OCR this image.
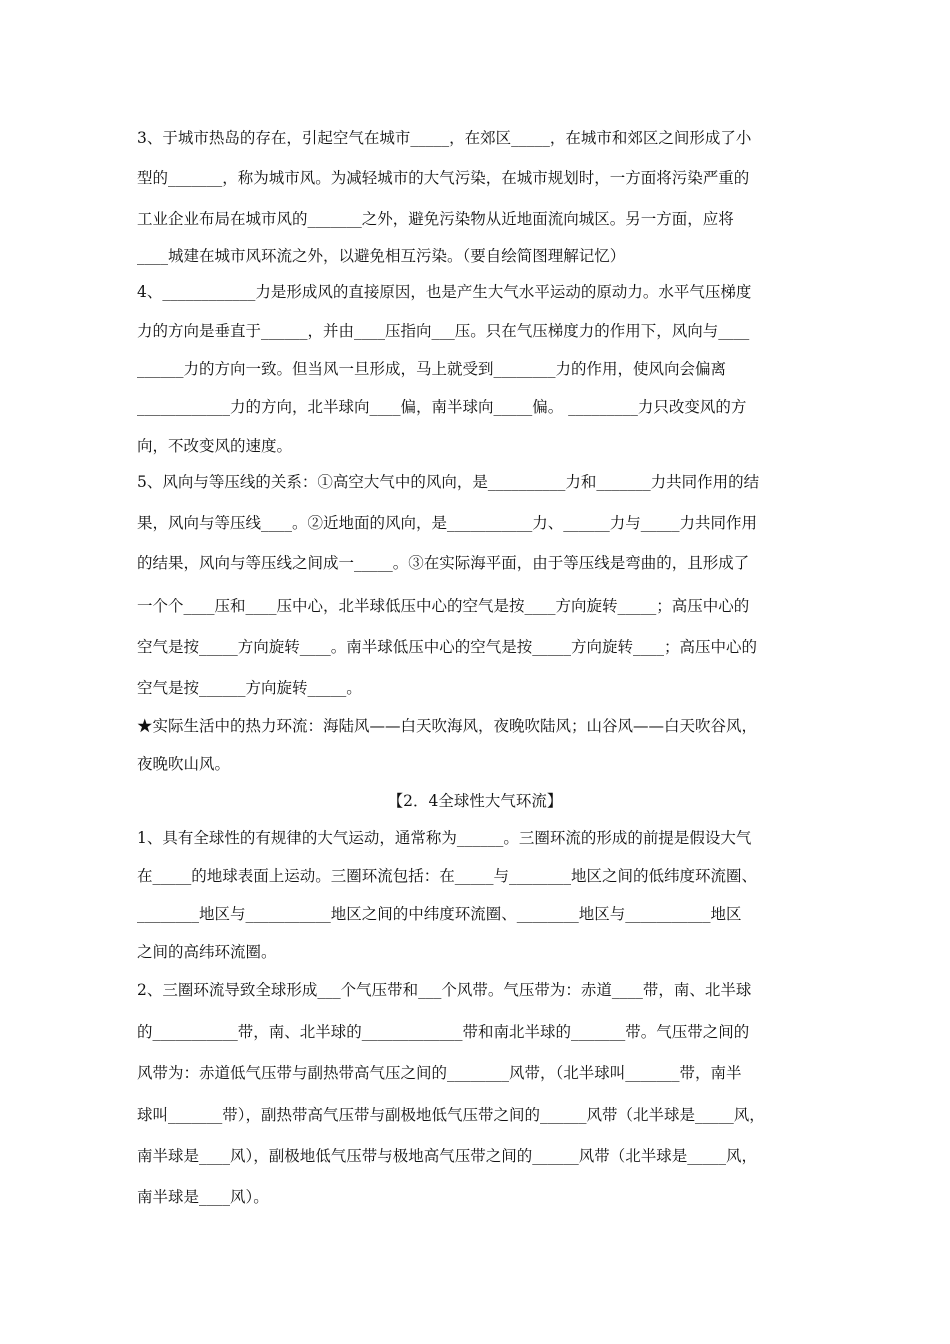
3、于城市热岛的存在，引起空气在城市_____，在郊区_____，在城市和郊区之间形成了小
型的_______，称为城市风。为减轻城市的大气污染，在城市规划时，一方面将污染严重的
工业企业布局在城市风的_______之外，避免污染物从近地面流向城区。另一方面，应将
____城建在城市风环流之外，以避免相互污染。（要自绘简图理解记忆）
4、____________力是形成风的直接原因，也是产生大气水平运动的原动力。水平气压梯度
力的方向是垂直于______，并由____压指向___压。只在气压梯度力的作用下，风向与____
______力的方向一致。但当风一旦形成，马上就受到________力的作用，使风向会偏离
____________力的方向，北半球向____偏，南半球向_____偏。 _________力只改变风的方
向，不改变风的速度。
5、风向与等压线的关系：①高空大气中的风向，是__________力和_______力共同作用的结
果，风向与等压线____。②近地面的风向，是___________力、______力与_____力共同作用
的结果，风向与等压线之间成一_____。③在实际海平面，由于等压线是弯曲的，且形成了
一个个____压和____压中心，北半球低压中心的空气是按____方向旋转_____；高压中心的
空气是按_____方向旋转____。南半球低压中心的空气是按_____方向旋转____；高压中心的
空气是按______方向旋转_____。
★实际生活中的热力环流：海陆风——白天吹海风，夜晚吹陆风；山谷风——白天吹谷风，
夜晚吹山风。
【2．4全球性大气环流】
1、具有全球性的有规律的大气运动，通常称为______。三圈环流的形成的前提是假设大气
在_____的地球表面上运动。三圈环流包括：在_____与________地区之间的低纬度环流圈、
________地区与___________地区之间的中纬度环流圈、________地区与___________地区
之间的高纬环流圈。
2、三圈环流导致全球形成___个气压带和___个风带。气压带为：赤道____带，南、北半球
的___________带，南、北半球的_____________带和南北半球的_______带。气压带之间的
风带为：赤道低气压带与副热带高气压之间的________风带，（北半球叫_______带，南半
球叫_______带），副热带高气压带与副极地低气压带之间的______风带（北半球是_____风，
南半球是____风），副极地低气压带与极地高气压带之间的______风带（北半球是_____风，
南半球是____风）。
